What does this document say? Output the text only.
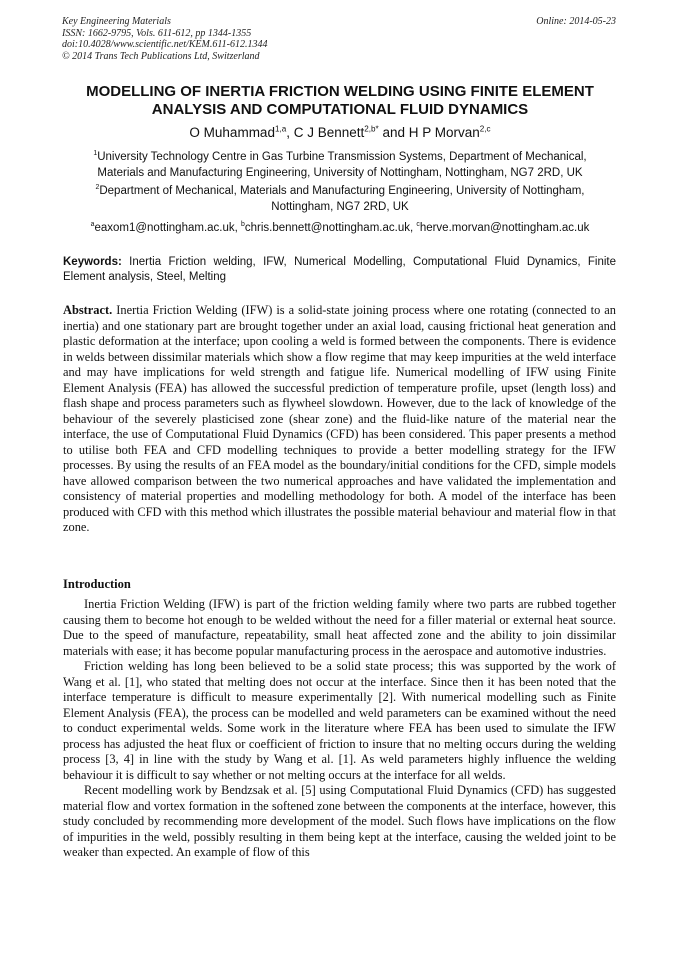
Key Engineering Materials
ISSN: 1662-9795, Vols. 611-612, pp 1344-1355
doi:10.4028/www.scientific.net/KEM.611-612.1344
© 2014 Trans Tech Publications Ltd, Switzerland
Online: 2014-05-23
MODELLING OF INERTIA FRICTION WELDING USING FINITE ELEMENT
ANALYSIS AND COMPUTATIONAL FLUID DYNAMICS
O Muhammad$^{1,a}$, C J Bennett$^{2,b*}$ and H P Morvan$^{2,c}$
$^1$University Technology Centre in Gas Turbine Transmission Systems, Department of Mechanical,
Materials and Manufacturing Engineering, University of Nottingham, Nottingham, NG7 2RD, UK
$^2$Department of Mechanical, Materials and Manufacturing Engineering, University of Nottingham,
Nottingham, NG7 2RD, UK
$^a$eaxom1@nottingham.ac.uk, $^b$chris.bennett@nottingham.ac.uk, $^c$herve.morvan@nottingham.ac.uk
Keywords: Inertia Friction welding, IFW, Numerical Modelling, Computational Fluid Dynamics, Finite Element analysis, Steel, Melting
Abstract. Inertia Friction Welding (IFW) is a solid-state joining process where one rotating (connected to an inertia) and one stationary part are brought together under an axial load, causing frictional heat generation and plastic deformation at the interface; upon cooling a weld is formed between the components. There is evidence in welds between dissimilar materials which show a flow regime that may keep impurities at the weld interface and may have implications for weld strength and fatigue life. Numerical modelling of IFW using Finite Element Analysis (FEA) has allowed the successful prediction of temperature profile, upset (length loss) and flash shape and process parameters such as flywheel slowdown. However, due to the lack of knowledge of the behaviour of the severely plasticised zone (shear zone) and the fluid-like nature of the material near the interface, the use of Computational Fluid Dynamics (CFD) has been considered. This paper presents a method to utilise both FEA and CFD modelling techniques to provide a better modelling strategy for the IFW processes. By using the results of an FEA model as the boundary/initial conditions for the CFD, simple models have allowed comparison between the two numerical approaches and have validated the implementation and consistency of material properties and modelling methodology for both. A model of the interface has been produced with CFD with this method which illustrates the possible material behaviour and material flow in that zone.
Introduction

Inertia Friction Welding (IFW) is part of the friction welding family where two parts are rubbed together causing them to become hot enough to be welded without the need for a filler material or external heat source. Due to the speed of manufacture, repeatability, small heat affected zone and the ability to join dissimilar materials with ease; it has become popular manufacturing process in the aerospace and automotive industries.

Friction welding has long been believed to be a solid state process; this was supported by the work of Wang et al. [1], who stated that melting does not occur at the interface. Since then it has been noted that the interface temperature is difficult to measure experimentally [2]. With numerical modelling such as Finite Element Analysis (FEA), the process can be modelled and weld parameters can be examined without the need to conduct experimental welds. Some work in the literature where FEA has been used to simulate the IFW process has adjusted the heat flux or coefficient of friction to insure that no melting occurs during the welding process [3, 4] in line with the study by Wang et al. [1]. As weld parameters highly influence the welding behaviour it is difficult to say whether or not melting occurs at the interface for all welds.

Recent modelling work by Bendzsak et al. [5] using Computational Fluid Dynamics (CFD) has suggested material flow and vortex formation in the softened zone between the components at the interface, however, this study concluded by recommending more development of the model. Such flows have implications on the flow of impurities in the weld, possibly resulting in them being kept at the interface, causing the welded joint to be weaker than expected. An example of flow of this
